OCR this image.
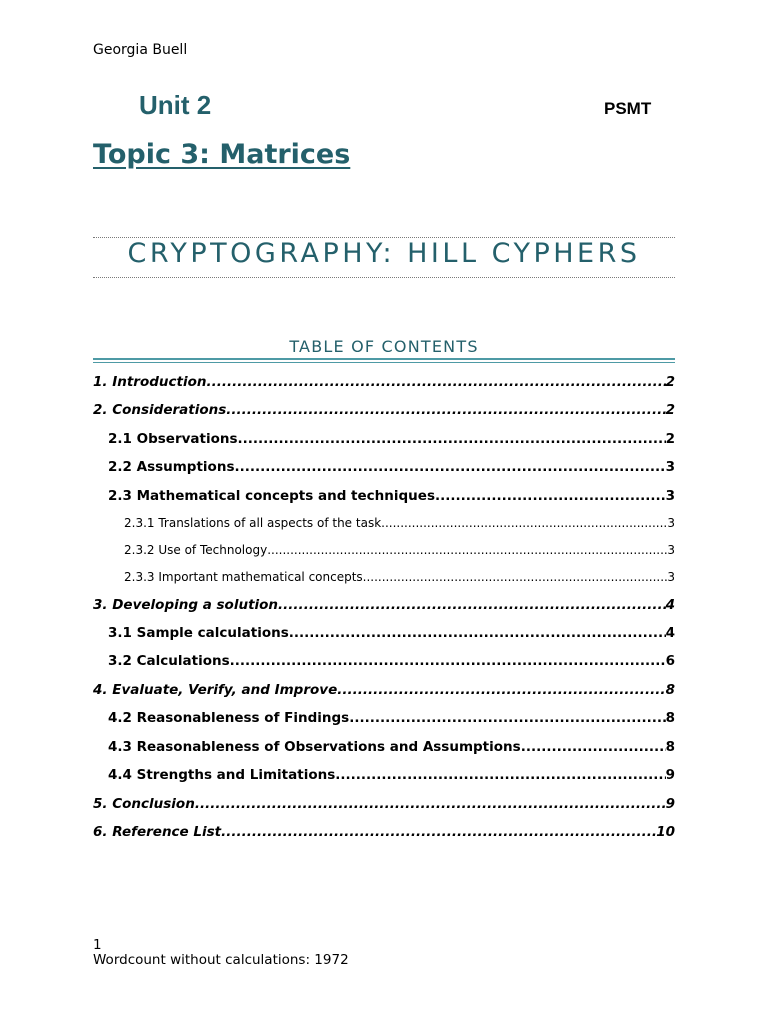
Georgia Buell
Unit 2	PSMT
Topic 3: Matrices
CRYPTOGRAPHY: HILL CYPHERS
TABLE OF CONTENTS
1. Introduction .....	2
2. Considerations .....	2
2.1 Observations .....	2
2.2 Assumptions .....	3
2.3 Mathematical concepts and techniques .....	3
2.3.1 Translations of all aspects of the task .....	3
2.3.2 Use of Technology .....	3
2.3.3 Important mathematical concepts .....	3
3. Developing a solution .....	4
3.1 Sample calculations .....	4
3.2 Calculations .....	6
4. Evaluate, Verify, and Improve .....	8
4.2 Reasonableness of Findings .....	8
4.3 Reasonableness of Observations and Assumptions .....	8
4.4 Strengths and Limitations .....	9
5. Conclusion .....	9
6. Reference List .....	10
1
Wordcount without calculations: 1972
